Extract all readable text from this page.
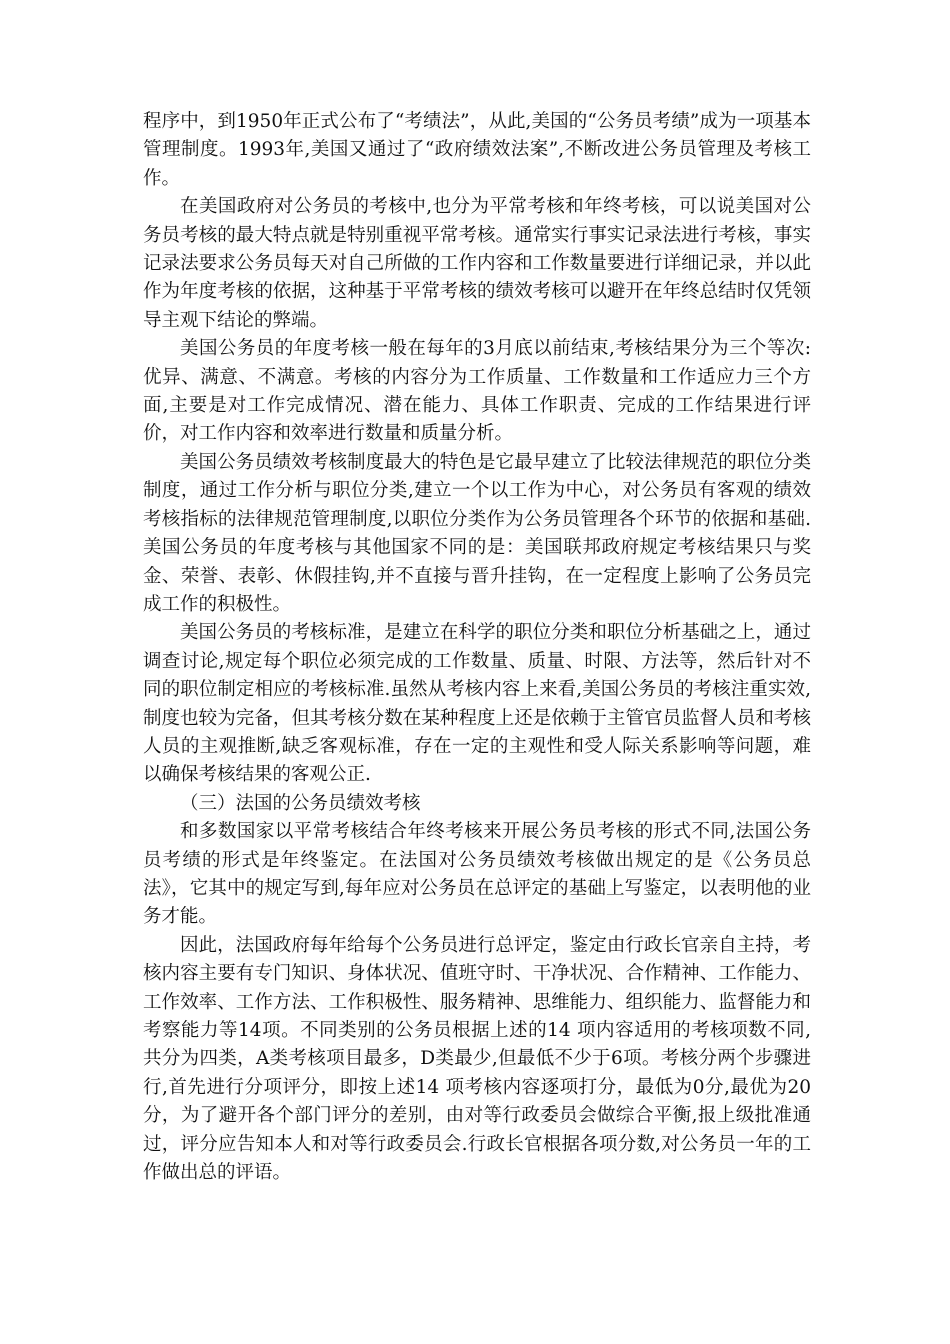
程序中，到1950年正式公布了“考绩法”，从此,美国的“公务员考绩”成为一项基本管理制度。1993年,美国又通过了“政府绩效法案”,不断改进公务员管理及考核工作。

在美国政府对公务员的考核中,也分为平常考核和年终考核，可以说美国对公务员考核的最大特点就是特别重视平常考核。通常实行事实记录法进行考核，事实记录法要求公务员每天对自己所做的工作内容和工作数量要进行详细记录，并以此作为年度考核的依据，这种基于平常考核的绩效考核可以避开在年终总结时仅凭领导主观下结论的弊端。

美国公务员的年度考核一般在每年的3月底以前结束,考核结果分为三个等次:优异、满意、不满意。考核的内容分为工作质量、工作数量和工作适应力三个方面,主要是对工作完成情况、潜在能力、具体工作职责、完成的工作结果进行评价，对工作内容和效率进行数量和质量分析。

美国公务员绩效考核制度最大的特色是它最早建立了比较法律规范的职位分类制度，通过工作分析与职位分类,建立一个以工作为中心，对公务员有客观的绩效考核指标的法律规范管理制度,以职位分类作为公务员管理各个环节的依据和基础.美国公务员的年度考核与其他国家不同的是：美国联邦政府规定考核结果只与奖金、荣誉、表彰、休假挂钩,并不直接与晋升挂钩，在一定程度上影响了公务员完成工作的积极性。

美国公务员的考核标准，是建立在科学的职位分类和职位分析基础之上，通过调查讨论,规定每个职位必须完成的工作数量、质量、时限、方法等，然后针对不同的职位制定相应的考核标准.虽然从考核内容上来看,美国公务员的考核注重实效,制度也较为完备，但其考核分数在某种程度上还是依赖于主管官员监督人员和考核人员的主观推断,缺乏客观标准，存在一定的主观性和受人际关系影响等问题，难以确保考核结果的客观公正.

（三）法国的公务员绩效考核

和多数国家以平常考核结合年终考核来开展公务员考核的形式不同,法国公务员考绩的形式是年终鉴定。在法国对公务员绩效考核做出规定的是《公务员总法》，它其中的规定写到,每年应对公务员在总评定的基础上写鉴定，以表明他的业务才能。

因此，法国政府每年给每个公务员进行总评定，鉴定由行政长官亲自主持，考核内容主要有专门知识、身体状况、值班守时、干净状况、合作精神、工作能力、工作效率、工作方法、工作积极性、服务精神、思维能力、组织能力、监督能力和考察能力等14项。不同类别的公务员根据上述的14 项内容适用的考核项数不同,共分为四类，A类考核项目最多，D类最少,但最低不少于6项。考核分两个步骤进行,首先进行分项评分，即按上述14 项考核内容逐项打分，最低为0分,最优为20分，为了避开各个部门评分的差别，由对等行政委员会做综合平衡,报上级批准通过，评分应告知本人和对等行政委员会.行政长官根据各项分数,对公务员一年的工作做出总的评语。
